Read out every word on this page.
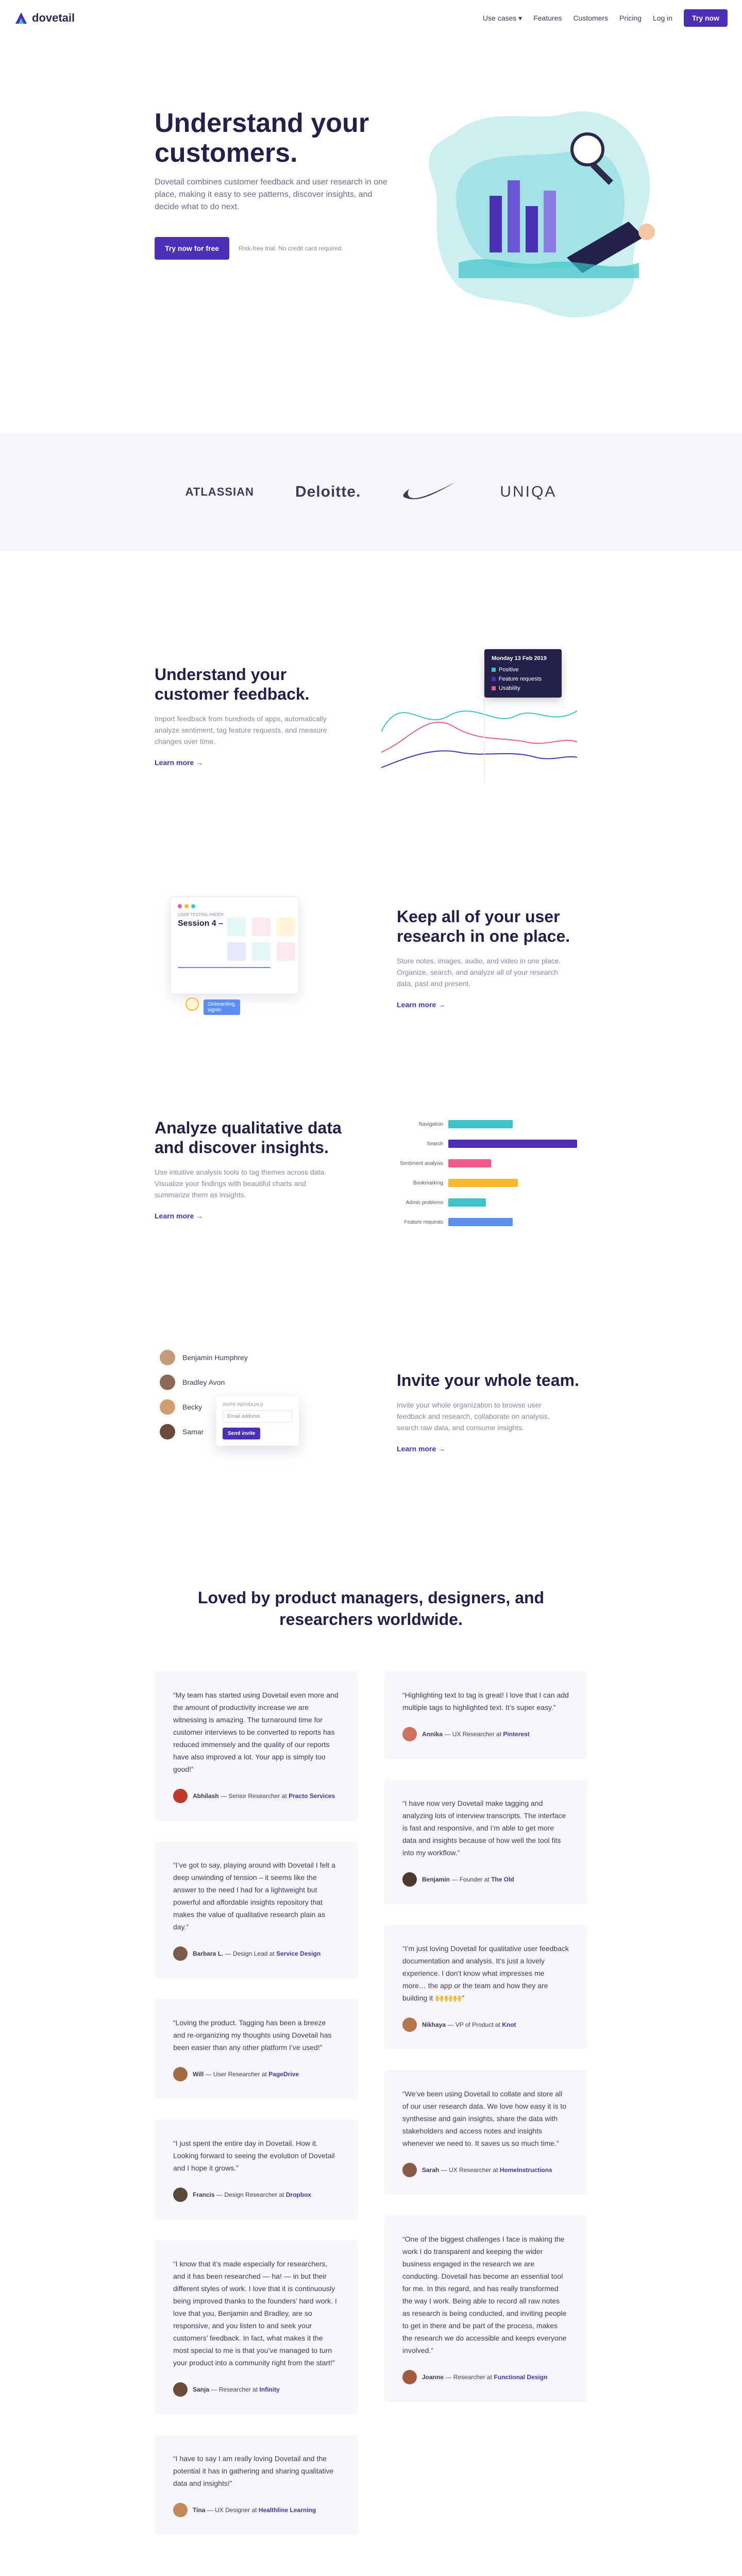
dovetail	Use cases ▾ Features Customers Pricing Log in	Try now
Understand your customers.

Dovetail combines customer feedback and user research in one place, making it easy to see patterns, discover insights, and decide what to do next.

Try now for free	Risk-free trial. No credit card required.
ATLASSIAN	Deloitte.	UNIQA
Understand your customer feedback.

Import feedback from hundreds of apps, automatically analyze sentiment, tag feature requests, and measure changes over time.

Learn more →
Monday 13 Feb 2019
Positive
Feature requests
Usability
USER TESTING ANDER
Session 4 –
Onboarding, signin
Keep all of your user research in one place.

Store notes, images, audio, and video in one place. Organize, search, and analyze all of your research data, past and present.

Learn more →
Analyze qualitative data and discover insights.

Use intuitive analysis tools to tag themes across data. Visualize your findings with beautiful charts and summarize them as insights.

Learn more →
Navigation
Search
Sentiment analysis
Bookmarking
Admin problems
Feature requests
Benjamin Humphrey
Bradley Avon
Becky
Samar
INVITE INDIVIDUALS
Email address
Send invite
Invite your whole team.

Invite your whole organization to browse user feedback and research, collaborate on analysis, search raw data, and consume insights.

Learn more →
Loved by product managers, designers, and researchers worldwide.
“My team has started using Dovetail even more and the amount of productivity increase we are witnessing is amazing. The turnaround time for customer interviews to be converted to reports has reduced immensely and the quality of our reports have also improved a lot. Your app is simply too good!”
Abhilash — Senior Researcher at Practo Services
“I’ve got to say, playing around with Dovetail I felt a deep unwinding of tension – it seems like the answer to the need I had for a lightweight but powerful and affordable insights repository that makes the value of qualitative research plain as day.”
Barbara L. — Design Lead at Service Design
“Loving the product. Tagging has been a breeze and re-organizing my thoughts using Dovetail has been easier than any other platform I’ve used!”
Will — User Researcher at PageDrive
“I just spent the entire day in Dovetail. How it. Looking forward to seeing the evolution of Dovetail and I hope it grows.”
Francis — Design Researcher at Dropbox
“I know that it’s made especially for researchers, and it has been researched — ha! — in but their different styles of work. I love that it is continuously being improved thanks to the founders’ hard work. I love that you, Benjamin and Bradley, are so responsive, and you listen to and seek your customers’ feedback. In fact, what makes it the most special to me is that you’ve managed to turn your product into a community right from the start!”
Sanja — Researcher at Infinity
“I have to say I am really loving Dovetail and the potential it has in gathering and sharing qualitative data and insights!”
Tina — UX Designer at Healthline Learning
“Highlighting text to tag is great! I love that I can add multiple tags to highlighted text. It’s super easy.”
Annika — UX Researcher at Pinterest
“I have now very Dovetail make tagging and analyzing lots of interview transcripts. The interface is fast and responsive, and I’m able to get more data and insights because of how well the tool fits into my workflow.”
Benjamin — Founder at The Old
“I’m just loving Dovetail for qualitative user feedback documentation and analysis. It’s just a lovely experience. I don’t know what impresses me more… the app or the team and how they are building it 🙌🙌🙌”
Nikhaya — VP of Product at Knot
“We’ve been using Dovetail to collate and store all of our user research data. We love how easy it is to synthesise and gain insights, share the data with stakeholders and access notes and insights whenever we need to. It saves us so much time.”
Sarah — UX Researcher at HomeInstructions
“One of the biggest challenges I face is making the work I do transparent and keeping the wider business engaged in the research we are conducting. Dovetail has become an essential tool for me. In this regard, and has really transformed the way I work. Being able to record all raw notes as research is being conducted, and inviting people to get in there and be part of the process, makes the research we do accessible and keeps everyone involved.”
Joanne — Researcher at Functional Design
